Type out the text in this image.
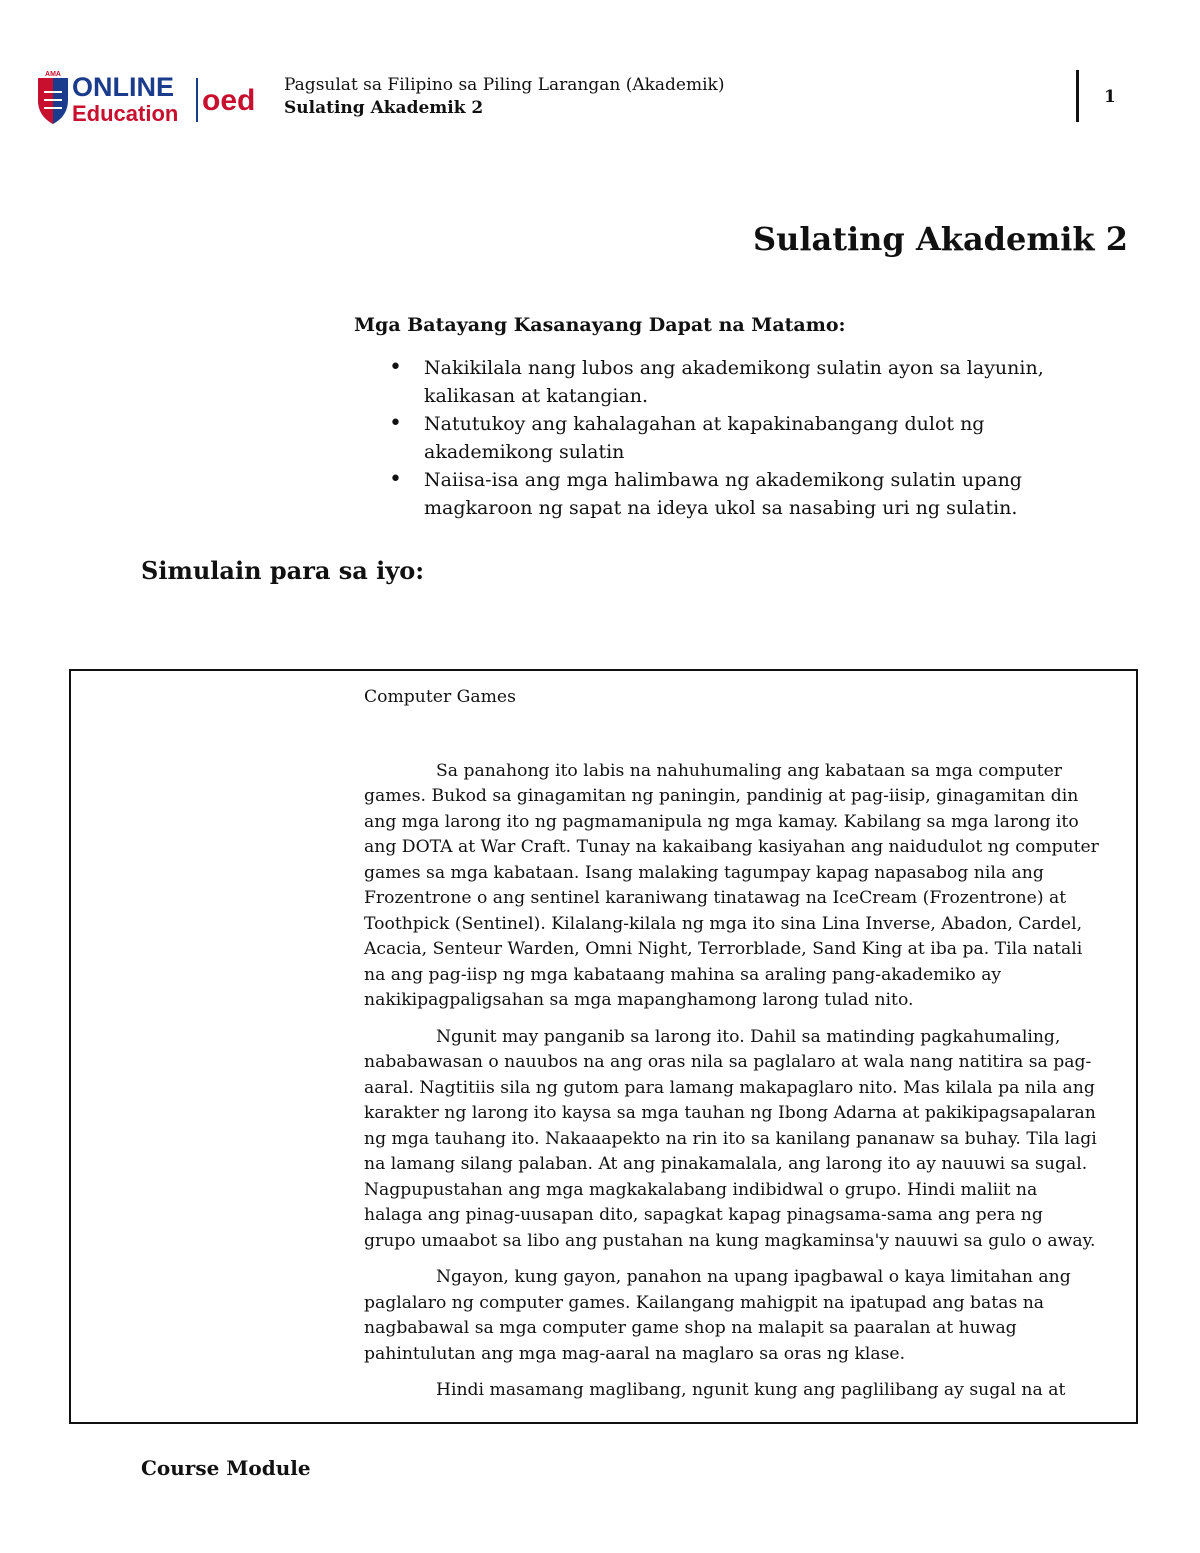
AMA ONLINE
Education oed Pagsulat sa Filipino sa Piling Larangan (Akademik)
Sulating Akademik 2
1
Sulating Akademik 2
Mga Batayang Kasanayang Dapat na Matamo:
• Nakikilala nang lubos ang akademikong sulatin ayon sa layunin, kalikasan at katangian.
• Natutukoy ang kahalagahan at kapakinabangang dulot ng akademikong sulatin
• Naiisa-isa ang mga halimbawa ng akademikong sulatin upang magkaroon ng sapat na ideya ukol sa nasabing uri ng sulatin.
Simulain para sa iyo:

Computer Games

Sa panahong ito labis na nahuhumaling ang kabataan sa mga computer games. Bukod sa ginagamitan ng paningin, pandinig at pag-iisip, ginagamitan din ang mga larong ito ng pagmamanipula ng mga kamay. Kabilang sa mga larong ito ang DOTA at War Craft. Tunay na kakaibang kasiyahan ang naidudulot ng computer games sa mga kabataan. Isang malaking tagumpay kapag napasabog nila ang Frozentrone o ang sentinel karaniwang tinatawag na IceCream (Frozentrone) at Toothpick (Sentinel). Kilalang-kilala ng mga ito sina Lina Inverse, Abadon, Cardel, Acacia, Senteur Warden, Omni Night, Terrorblade, Sand King at iba pa. Tila natali na ang pag-iisp ng mga kabataang mahina sa araling pang-akademiko ay nakikipagpaligsahan sa mga mapanghamong larong tulad nito.

Ngunit may panganib sa larong ito. Dahil sa matinding pagkahumaling, nababawasan o nauubos na ang oras nila sa paglalaro at wala nang natitira sa pag-aaral. Nagtitiis sila ng gutom para lamang makapaglaro nito. Mas kilala pa nila ang karakter ng larong ito kaysa sa mga tauhan ng Ibong Adarna at pakikipagsapalaran ng mga tauhang ito. Nakaaapekto na rin ito sa kanilang pananaw sa buhay. Tila lagi na lamang silang palaban. At ang pinakamalala, ang larong ito ay nauuwi sa sugal. Nagpupustahan ang mga magkakalabang indibidwal o grupo. Hindi maliit na halaga ang pinag-uusapan dito, sapagkat kapag pinagsama-sama ang pera ng grupo umaabot sa libo ang pustahan na kung magkaminsa'y nauuwi sa gulo o away.

Ngayon, kung gayon, panahon na upang ipagbawal o kaya limitahan ang paglalaro ng computer games. Kailangang mahigpit na ipatupad ang batas na nagbabawal sa mga computer game shop na malapit sa paaralan at huwag pahintulutan ang mga mag-aaral na maglaro sa oras ng klase.

Hindi masamang maglibang, ngunit kung ang paglilibang ay sugal na at

Course Module
